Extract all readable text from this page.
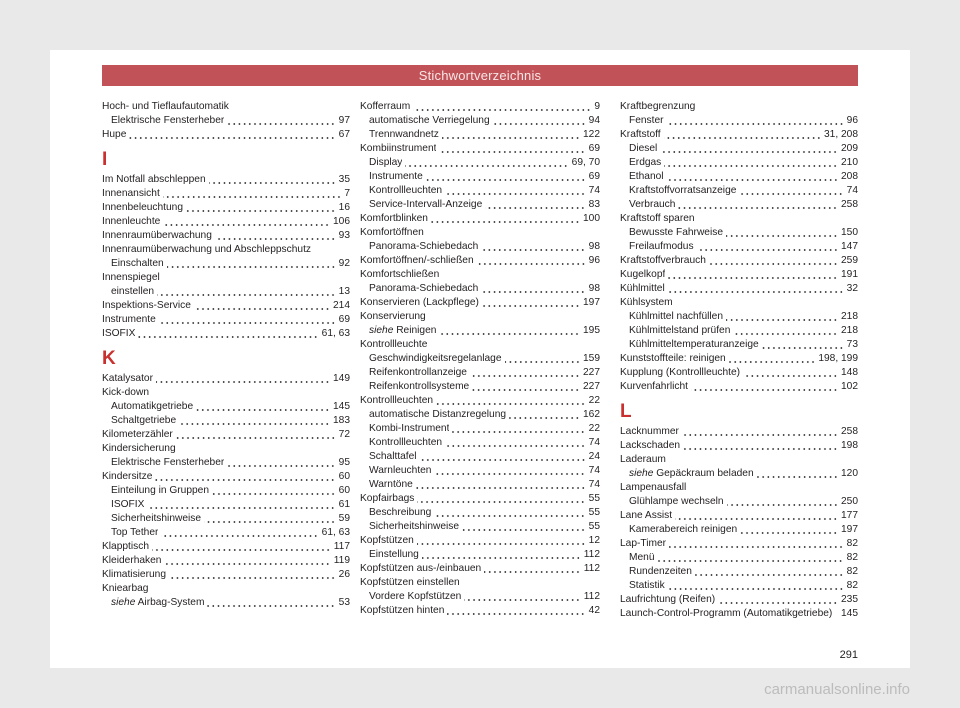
Stichwortverzeichnis
Hoch- und Tieflaufautomatik
Elektrische Fensterheber	97
Hupe	67
I
Im Notfall abschleppen	35
Innenansicht	7
Innenbeleuchtung	16
Innenleuchte	106
Innenraumüberwachung	93
Innenraumüberwachung und Abschleppschutz
Einschalten	92
Innenspiegel
einstellen	13
Inspektions-Service	214
Instrumente	69
ISOFIX	61, 63
K
Katalysator	149
Kick-down
Automatikgetriebe	145
Schaltgetriebe	183
Kilometerzähler	72
Kindersicherung
Elektrische Fensterheber	95
Kindersitze	60
Einteilung in Gruppen	60
ISOFIX	61
Sicherheitshinweise	59
Top Tether	61, 63
Klapptisch	117
Kleiderhaken	119
Klimatisierung	26
Kniearbag
siehe Airbag-System	53
Kofferraum	9
automatische Verriegelung	94
Trennwandnetz	122
Kombiinstrument	69
Display	69, 70
Instrumente	69
Kontrollleuchten	74
Service-Intervall-Anzeige	83
Komfortblinken	100
Komfortöffnen
Panorama-Schiebedach	98
Komfortöffnen/-schließen	96
Komfortschließen
Panorama-Schiebedach	98
Konservieren (Lackpflege)	197
Konservierung
siehe Reinigen	195
Kontrollleuchte
Geschwindigkeitsregelanlage	159
Reifenkontrollanzeige	227
Reifenkontrollsysteme	227
Kontrollleuchten	22
automatische Distanzregelung	162
Kombi-Instrument	22
Kontrollleuchten	74
Schalttafel	24
Warnleuchten	74
Warntöne	74
Kopfairbags	55
Beschreibung	55
Sicherheitshinweise	55
Kopfstützen	12
Einstellung	112
Kopfstützen aus-/einbauen	112
Kopfstützen einstellen
Vordere Kopfstützen	112
Kopfstützen hinten	42
Kraftbegrenzung
Fenster	96
Kraftstoff	31, 208
Diesel	209
Erdgas	210
Ethanol	208
Kraftstoffvorratsanzeige	74
Verbrauch	258
Kraftstoff sparen
Bewusste Fahrweise	150
Freilaufmodus	147
Kraftstoffverbrauch	259
Kugelkopf	191
Kühlmittel	32
Kühlsystem
Kühlmittel nachfüllen	218
Kühlmittelstand prüfen	218
Kühlmitteltemperaturanzeige	73
Kunststoffteile: reinigen	198, 199
Kupplung (Kontrollleuchte)	148
Kurvenfahrlicht	102
L
Lacknummer	258
Lackschaden	198
Laderaum
siehe Gepäckraum beladen	120
Lampenausfall
Glühlampe wechseln	250
Lane Assist	177
Kamerabereich reinigen	197
Lap-Timer	82
Menü	82
Rundenzeiten	82
Statistik	82
Laufrichtung (Reifen)	235
Launch-Control-Programm (Automatikgetriebe) 145
291
carmanualsonline.info
